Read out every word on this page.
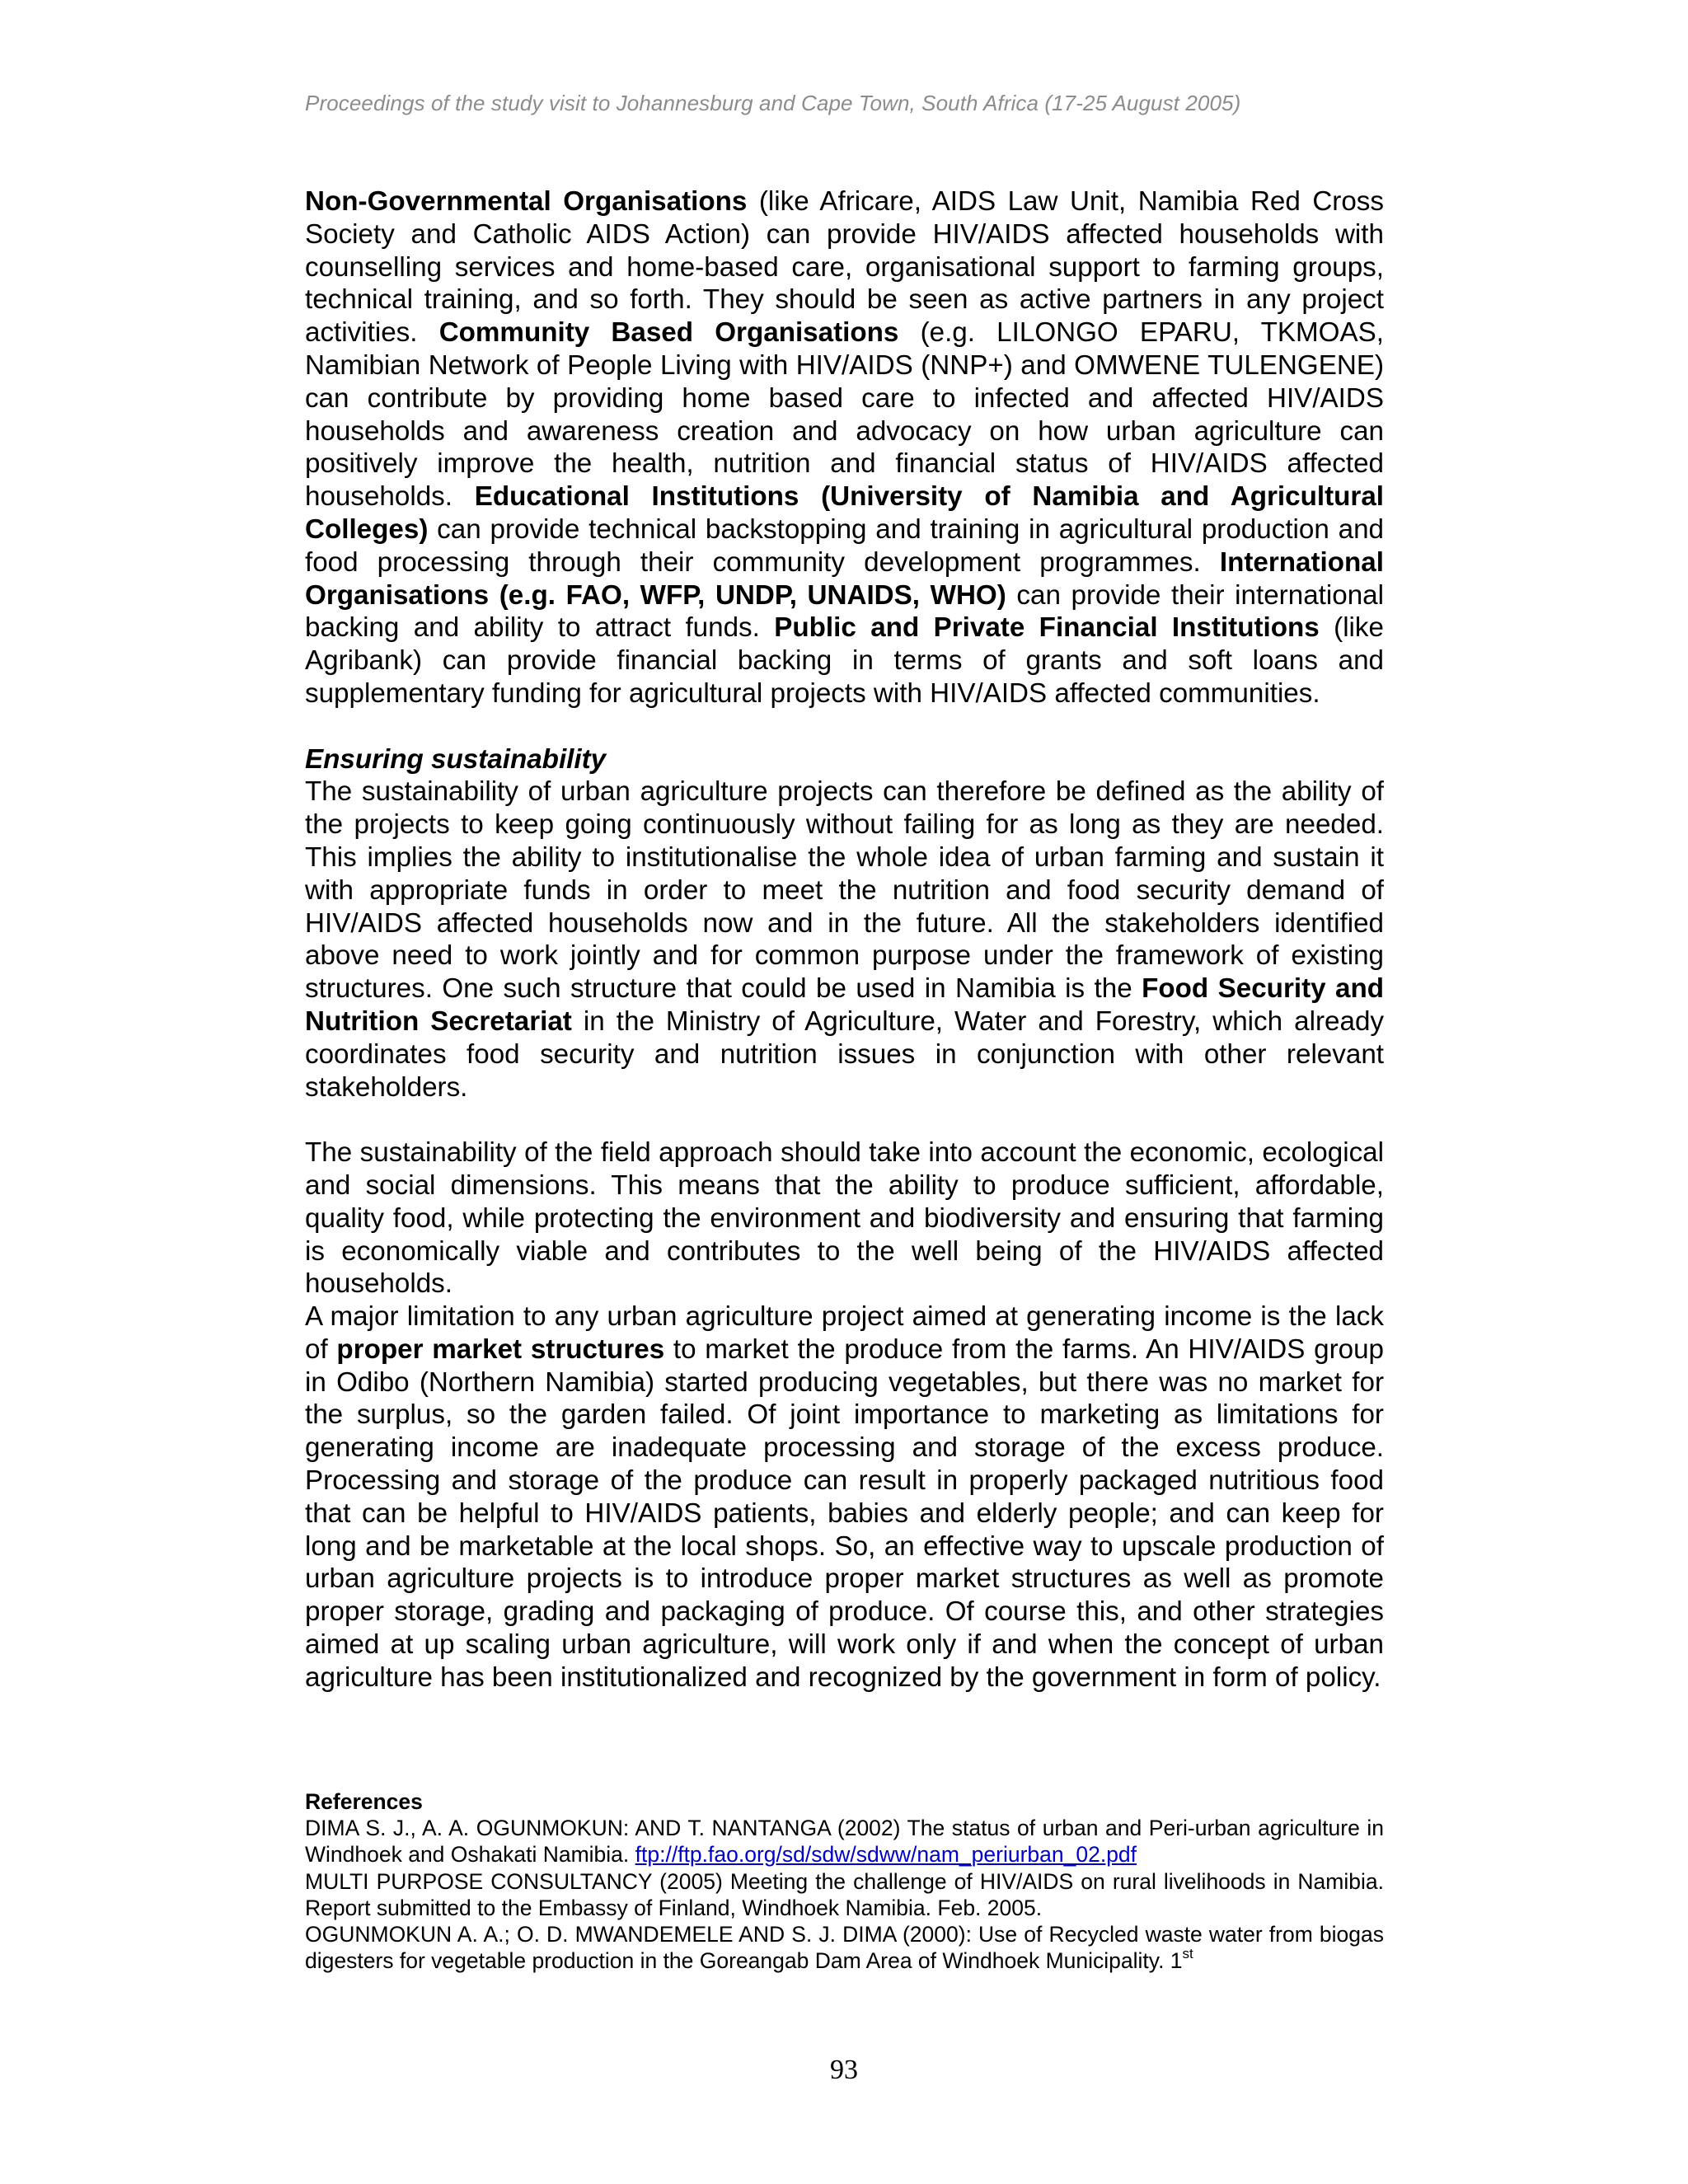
Proceedings of the study visit to Johannesburg and Cape Town, South Africa (17-25 August 2005)

Non-Governmental Organisations (like Africare, AIDS Law Unit, Namibia Red Cross Society and Catholic AIDS Action) can provide HIV/AIDS affected households with counselling services and home-based care, organisational support to farming groups, technical training, and so forth. They should be seen as active partners in any project activities. Community Based Organisations (e.g. LILONGO EPARU, TKMOAS, Namibian Network of People Living with HIV/AIDS (NNP+) and OMWENE TULENGENE) can contribute by providing home based care to infected and affected HIV/AIDS households and awareness creation and advocacy on how urban agriculture can positively improve the health, nutrition and financial status of HIV/AIDS affected households. Educational Institutions (University of Namibia and Agricultural Colleges) can provide technical backstopping and training in agricultural production and food processing through their community development programmes. International Organisations (e.g. FAO, WFP, UNDP, UNAIDS, WHO) can provide their international backing and ability to attract funds. Public and Private Financial Institutions (like Agribank) can provide financial backing in terms of grants and soft loans and supplementary funding for agricultural projects with HIV/AIDS affected communities.

Ensuring sustainability

The sustainability of urban agriculture projects can therefore be defined as the ability of the projects to keep going continuously without failing for as long as they are needed. This implies the ability to institutionalise the whole idea of urban farming and sustain it with appropriate funds in order to meet the nutrition and food security demand of HIV/AIDS affected households now and in the future. All the stakeholders identified above need to work jointly and for common purpose under the framework of existing structures. One such structure that could be used in Namibia is the Food Security and Nutrition Secretariat in the Ministry of Agriculture, Water and Forestry, which already coordinates food security and nutrition issues in conjunction with other relevant stakeholders.

The sustainability of the field approach should take into account the economic, ecological and social dimensions. This means that the ability to produce sufficient, affordable, quality food, while protecting the environment and biodiversity and ensuring that farming is economically viable and contributes to the well being of the HIV/AIDS affected households.

A major limitation to any urban agriculture project aimed at generating income is the lack of proper market structures to market the produce from the farms. An HIV/AIDS group in Odibo (Northern Namibia) started producing vegetables, but there was no market for the surplus, so the garden failed. Of joint importance to marketing as limitations for generating income are inadequate processing and storage of the excess produce. Processing and storage of the produce can result in properly packaged nutritious food that can be helpful to HIV/AIDS patients, babies and elderly people; and can keep for long and be marketable at the local shops. So, an effective way to upscale production of urban agriculture projects is to introduce proper market structures as well as promote proper storage, grading and packaging of produce. Of course this, and other strategies aimed at up scaling urban agriculture, will work only if and when the concept of urban agriculture has been institutionalized and recognized by the government in form of policy.

References

DIMA S. J., A. A. OGUNMOKUN: AND T. NANTANGA (2002) The status of urban and Peri-urban agriculture in Windhoek and Oshakati Namibia. ftp://ftp.fao.org/sd/sdw/sdww/nam_periurban_02.pdf

MULTI PURPOSE CONSULTANCY (2005) Meeting the challenge of HIV/AIDS on rural livelihoods in Namibia. Report submitted to the Embassy of Finland, Windhoek Namibia. Feb. 2005.

OGUNMOKUN A. A.; O. D. MWANDEMELE AND S. J. DIMA (2000): Use of Recycled waste water from biogas digesters for vegetable production in the Goreangab Dam Area of Windhoek Municipality. 1st

93
